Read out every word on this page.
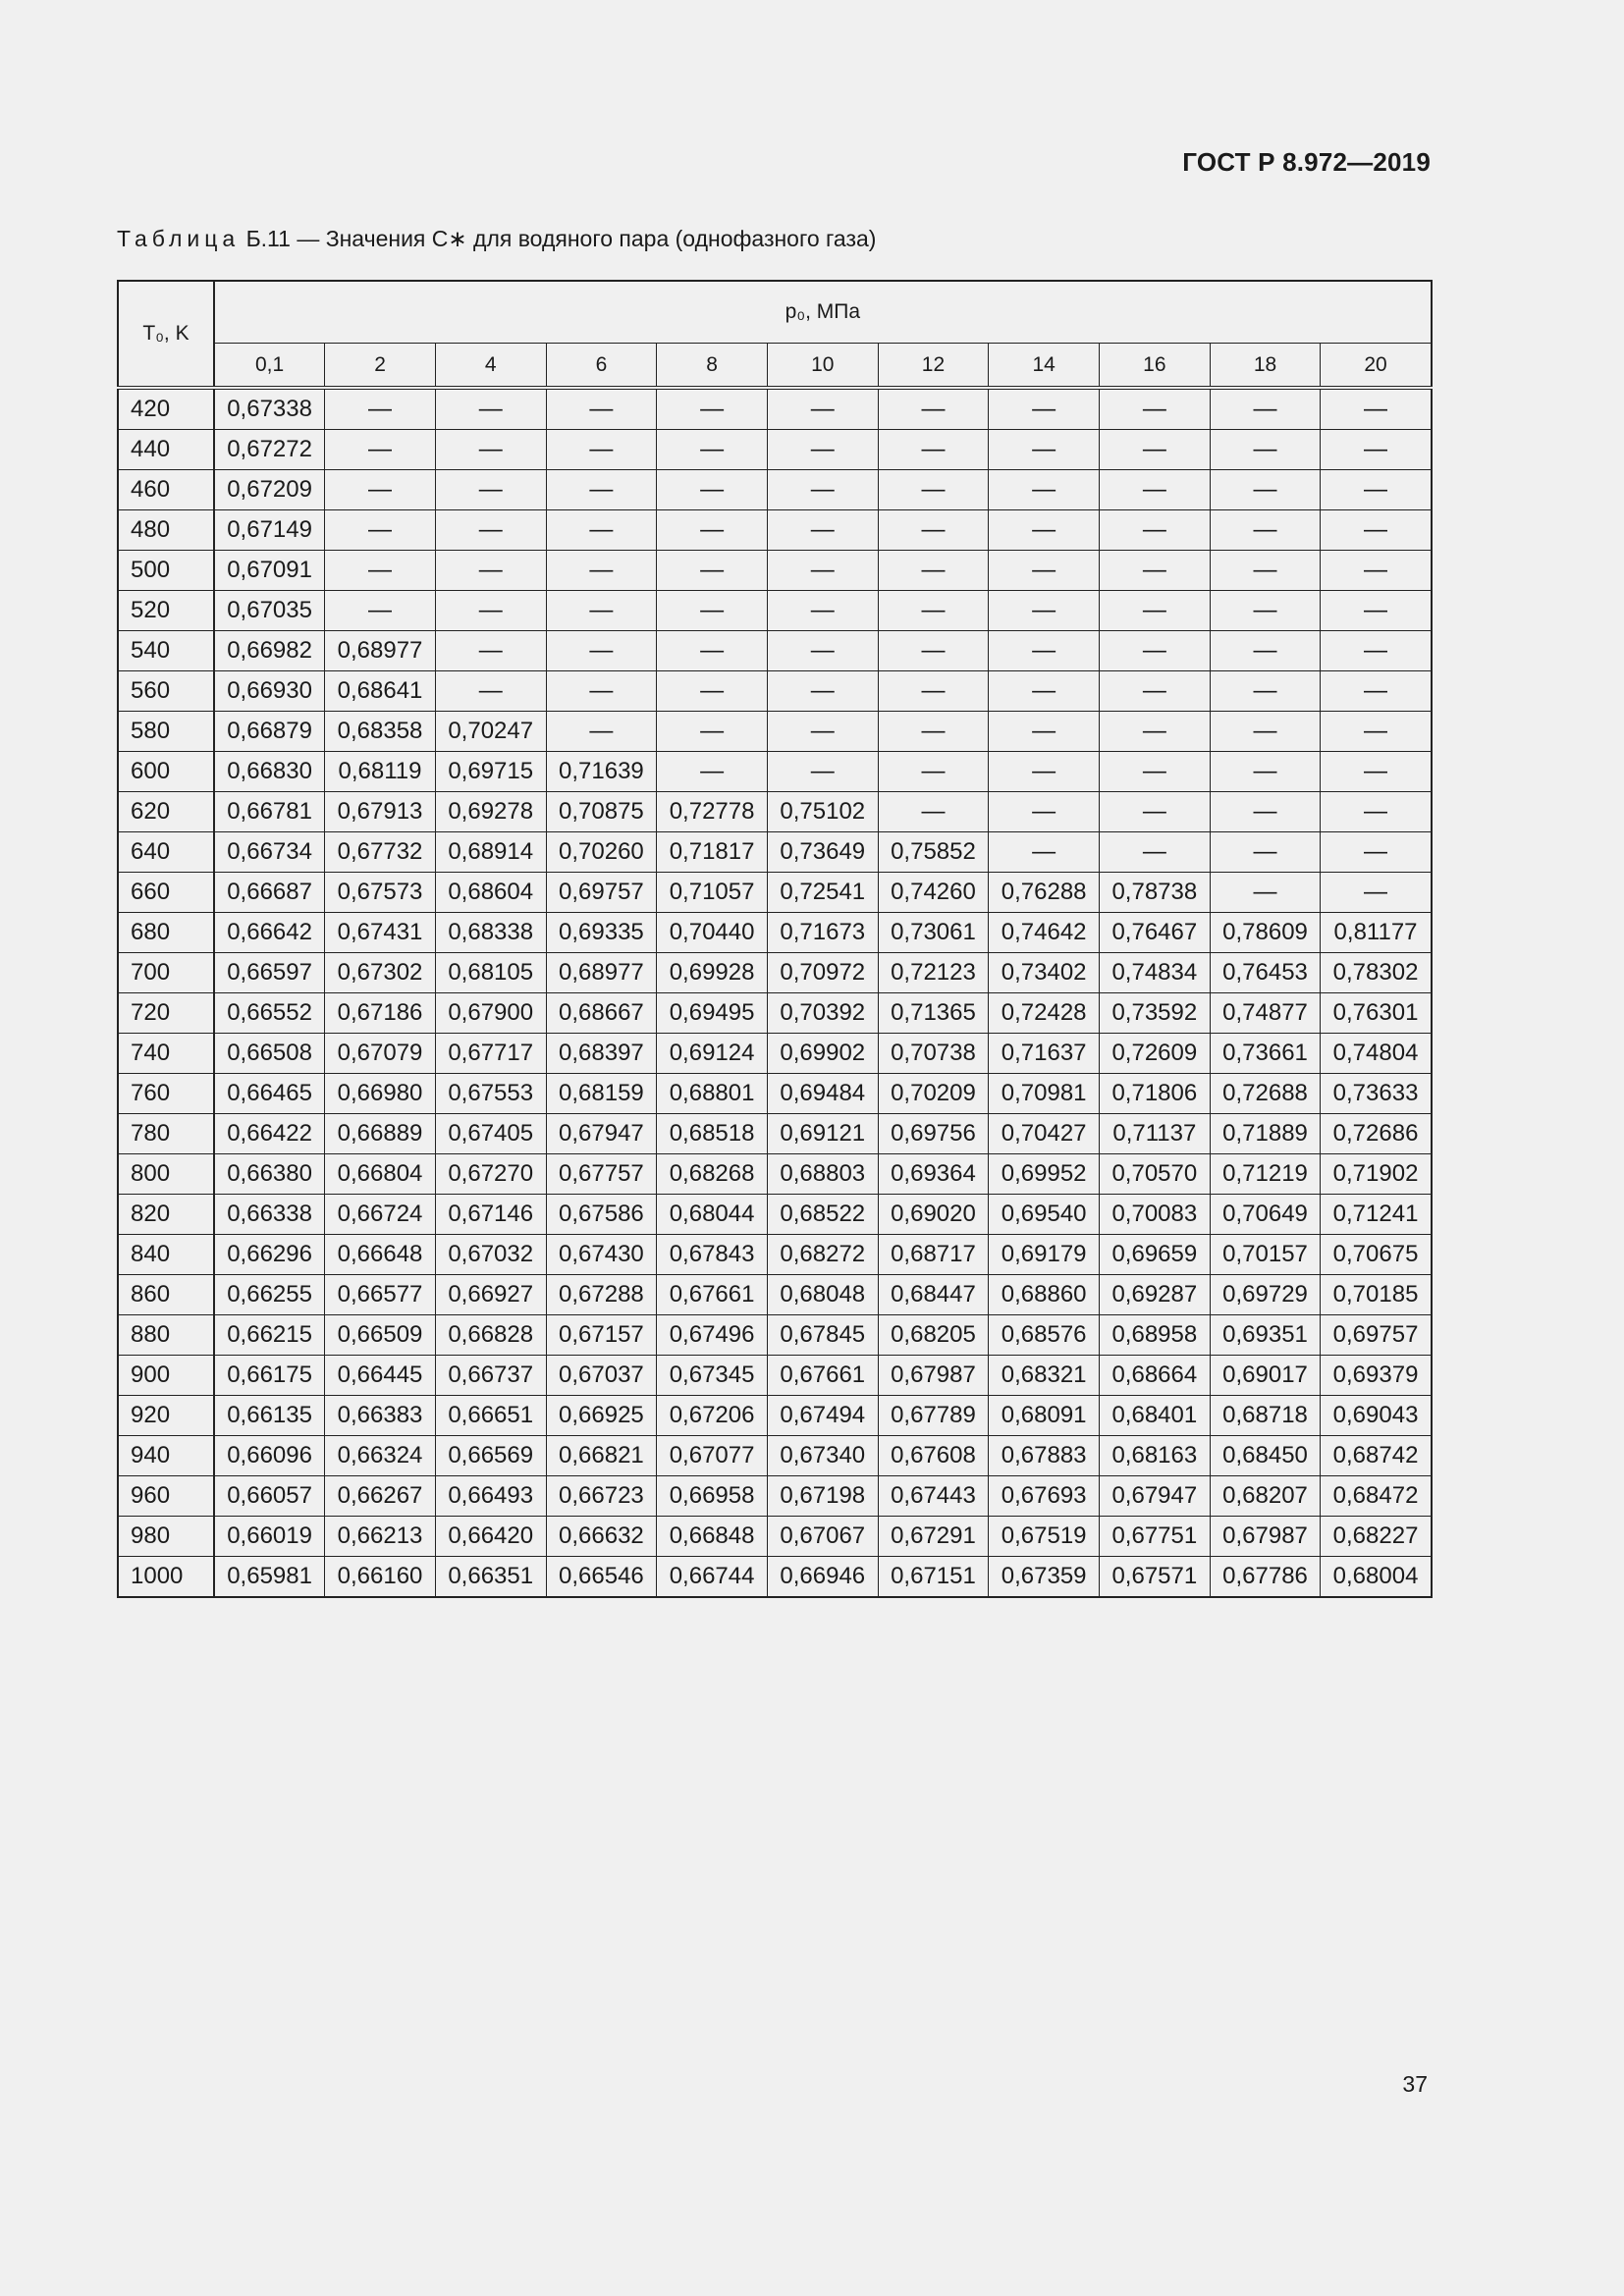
ГОСТ Р 8.972—2019
Таблица Б.11 — Значения C∗ для водяного пара (однофазного газа)
T₀, K	p₀, МПа										
	0,1	2	4	6	8	10	12	14	16	18	20
420	0,67338	—	—	—	—	—	—	—	—	—	—
440	0,67272	—	—	—	—	—	—	—	—	—	—
460	0,67209	—	—	—	—	—	—	—	—	—	—
480	0,67149	—	—	—	—	—	—	—	—	—	—
500	0,67091	—	—	—	—	—	—	—	—	—	—
520	0,67035	—	—	—	—	—	—	—	—	—	—
540	0,66982	0,68977	—	—	—	—	—	—	—	—	—
560	0,66930	0,68641	—	—	—	—	—	—	—	—	—
580	0,66879	0,68358	0,70247	—	—	—	—	—	—	—	—
600	0,66830	0,68119	0,69715	0,71639	—	—	—	—	—	—	—
620	0,66781	0,67913	0,69278	0,70875	0,72778	0,75102	—	—	—	—	—
640	0,66734	0,67732	0,68914	0,70260	0,71817	0,73649	0,75852	—	—	—	—
660	0,66687	0,67573	0,68604	0,69757	0,71057	0,72541	0,74260	0,76288	0,78738	—	—
680	0,66642	0,67431	0,68338	0,69335	0,70440	0,71673	0,73061	0,74642	0,76467	0,78609	0,81177
700	0,66597	0,67302	0,68105	0,68977	0,69928	0,70972	0,72123	0,73402	0,74834	0,76453	0,78302
720	0,66552	0,67186	0,67900	0,68667	0,69495	0,70392	0,71365	0,72428	0,73592	0,74877	0,76301
740	0,66508	0,67079	0,67717	0,68397	0,69124	0,69902	0,70738	0,71637	0,72609	0,73661	0,74804
760	0,66465	0,66980	0,67553	0,68159	0,68801	0,69484	0,70209	0,70981	0,71806	0,72688	0,73633
780	0,66422	0,66889	0,67405	0,67947	0,68518	0,69121	0,69756	0,70427	0,71137	0,71889	0,72686
800	0,66380	0,66804	0,67270	0,67757	0,68268	0,68803	0,69364	0,69952	0,70570	0,71219	0,71902
820	0,66338	0,66724	0,67146	0,67586	0,68044	0,68522	0,69020	0,69540	0,70083	0,70649	0,71241
840	0,66296	0,66648	0,67032	0,67430	0,67843	0,68272	0,68717	0,69179	0,69659	0,70157	0,70675
860	0,66255	0,66577	0,66927	0,67288	0,67661	0,68048	0,68447	0,68860	0,69287	0,69729	0,70185
880	0,66215	0,66509	0,66828	0,67157	0,67496	0,67845	0,68205	0,68576	0,68958	0,69351	0,69757
900	0,66175	0,66445	0,66737	0,67037	0,67345	0,67661	0,67987	0,68321	0,68664	0,69017	0,69379
920	0,66135	0,66383	0,66651	0,66925	0,67206	0,67494	0,67789	0,68091	0,68401	0,68718	0,69043
940	0,66096	0,66324	0,66569	0,66821	0,67077	0,67340	0,67608	0,67883	0,68163	0,68450	0,68742
960	0,66057	0,66267	0,66493	0,66723	0,66958	0,67198	0,67443	0,67693	0,67947	0,68207	0,68472
980	0,66019	0,66213	0,66420	0,66632	0,66848	0,67067	0,67291	0,67519	0,67751	0,67987	0,68227
1000	0,65981	0,66160	0,66351	0,66546	0,66744	0,66946	0,67151	0,67359	0,67571	0,67786	0,68004
37
